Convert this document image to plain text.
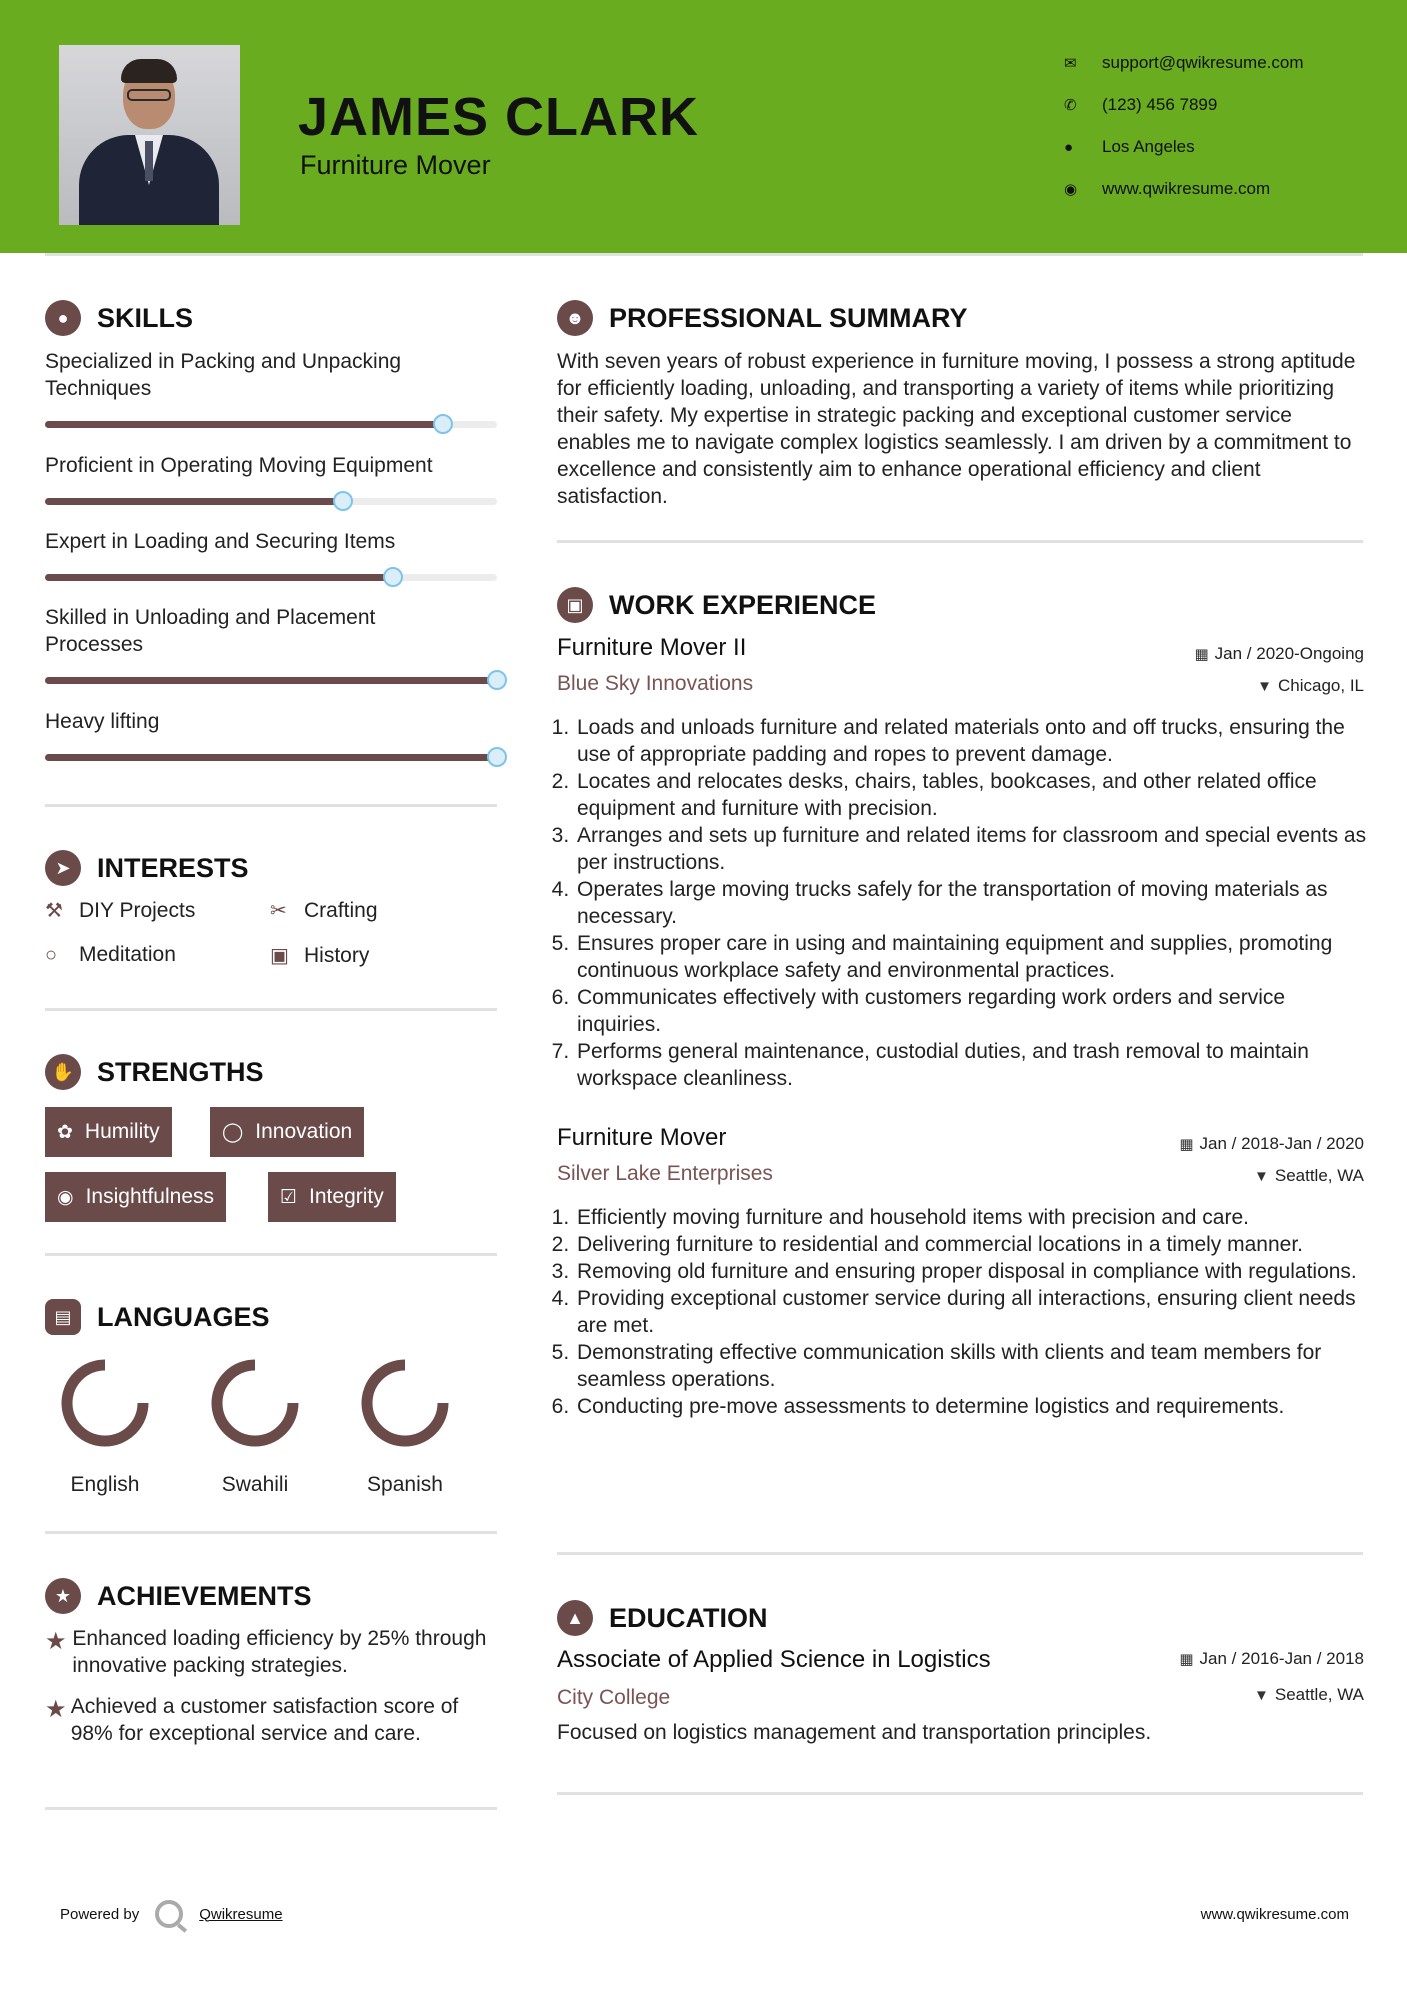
JAMES CLARK
Furniture Mover
✉	support@qwikresume.com
✆	(123) 456 7899
●	Los Angeles
◉	www.qwikresume.com
●	SKILLS
Specialized in Packing and Unpacking Techniques
Proficient in Operating Moving Equipment
Expert in Loading and Securing Items
Skilled in Unloading and Placement Processes
Heavy lifting
➤ INTERESTS
⚒ DIY Projects	✂ Crafting
○	Meditation	▣ History
✋ STRENGTHS
✿ Humility	◯ Innovation
◉ Insightfulness	☑ Integrity
▤ LANGUAGES
English	Swahili	Spanish
★ ACHIEVEMENTS
★ Enhanced loading efficiency by 25% through innovative packing strategies.
★ Achieved a customer satisfaction score of 98% for exceptional service and care.
☻ PROFESSIONAL SUMMARY
With seven years of robust experience in furniture moving, I possess a strong aptitude for efficiently loading, unloading, and transporting a variety of items while prioritizing their safety. My expertise in strategic packing and exceptional customer service enables me to navigate complex logistics seamlessly. I am driven by a commitment to excellence and consistently aim to enhance operational efficiency and client satisfaction.
▣ WORK EXPERIENCE
Furniture Mover II
Blue Sky Innovations
▦ Jan / 2020-Ongoing
▼ Chicago, IL
1. Loads and unloads furniture and related materials onto and off trucks, ensuring the use of appropriate padding and ropes to prevent damage.
2. Locates and relocates desks, chairs, tables, bookcases, and other related office equipment and furniture with precision.
3. Arranges and sets up furniture and related items for classroom and special events as per instructions.
4. Operates large moving trucks safely for the transportation of moving materials as necessary.
5. Ensures proper care in using and maintaining equipment and supplies, promoting continuous workplace safety and environmental practices.
6. Communicates effectively with customers regarding work orders and service inquiries.
7. Performs general maintenance, custodial duties, and trash removal to maintain workspace cleanliness.
Furniture Mover
Silver Lake Enterprises
▦ Jan / 2018-Jan / 2020
▼ Seattle, WA
1. Efficiently moving furniture and household items with precision and care.
2. Delivering furniture to residential and commercial locations in a timely manner.
3. Removing old furniture and ensuring proper disposal in compliance with regulations.
4. Providing exceptional customer service during all interactions, ensuring client needs are met.
5. Demonstrating effective communication skills with clients and team members for seamless operations.
6. Conducting pre-move assessments to determine logistics and requirements.
▲ EDUCATION
Associate of Applied Science in Logistics
City College
▦ Jan / 2016-Jan / 2018
▼ Seattle, WA
Focused on logistics management and transportation principles.
Powered by	Qwikresume	www.qwikresume.com
